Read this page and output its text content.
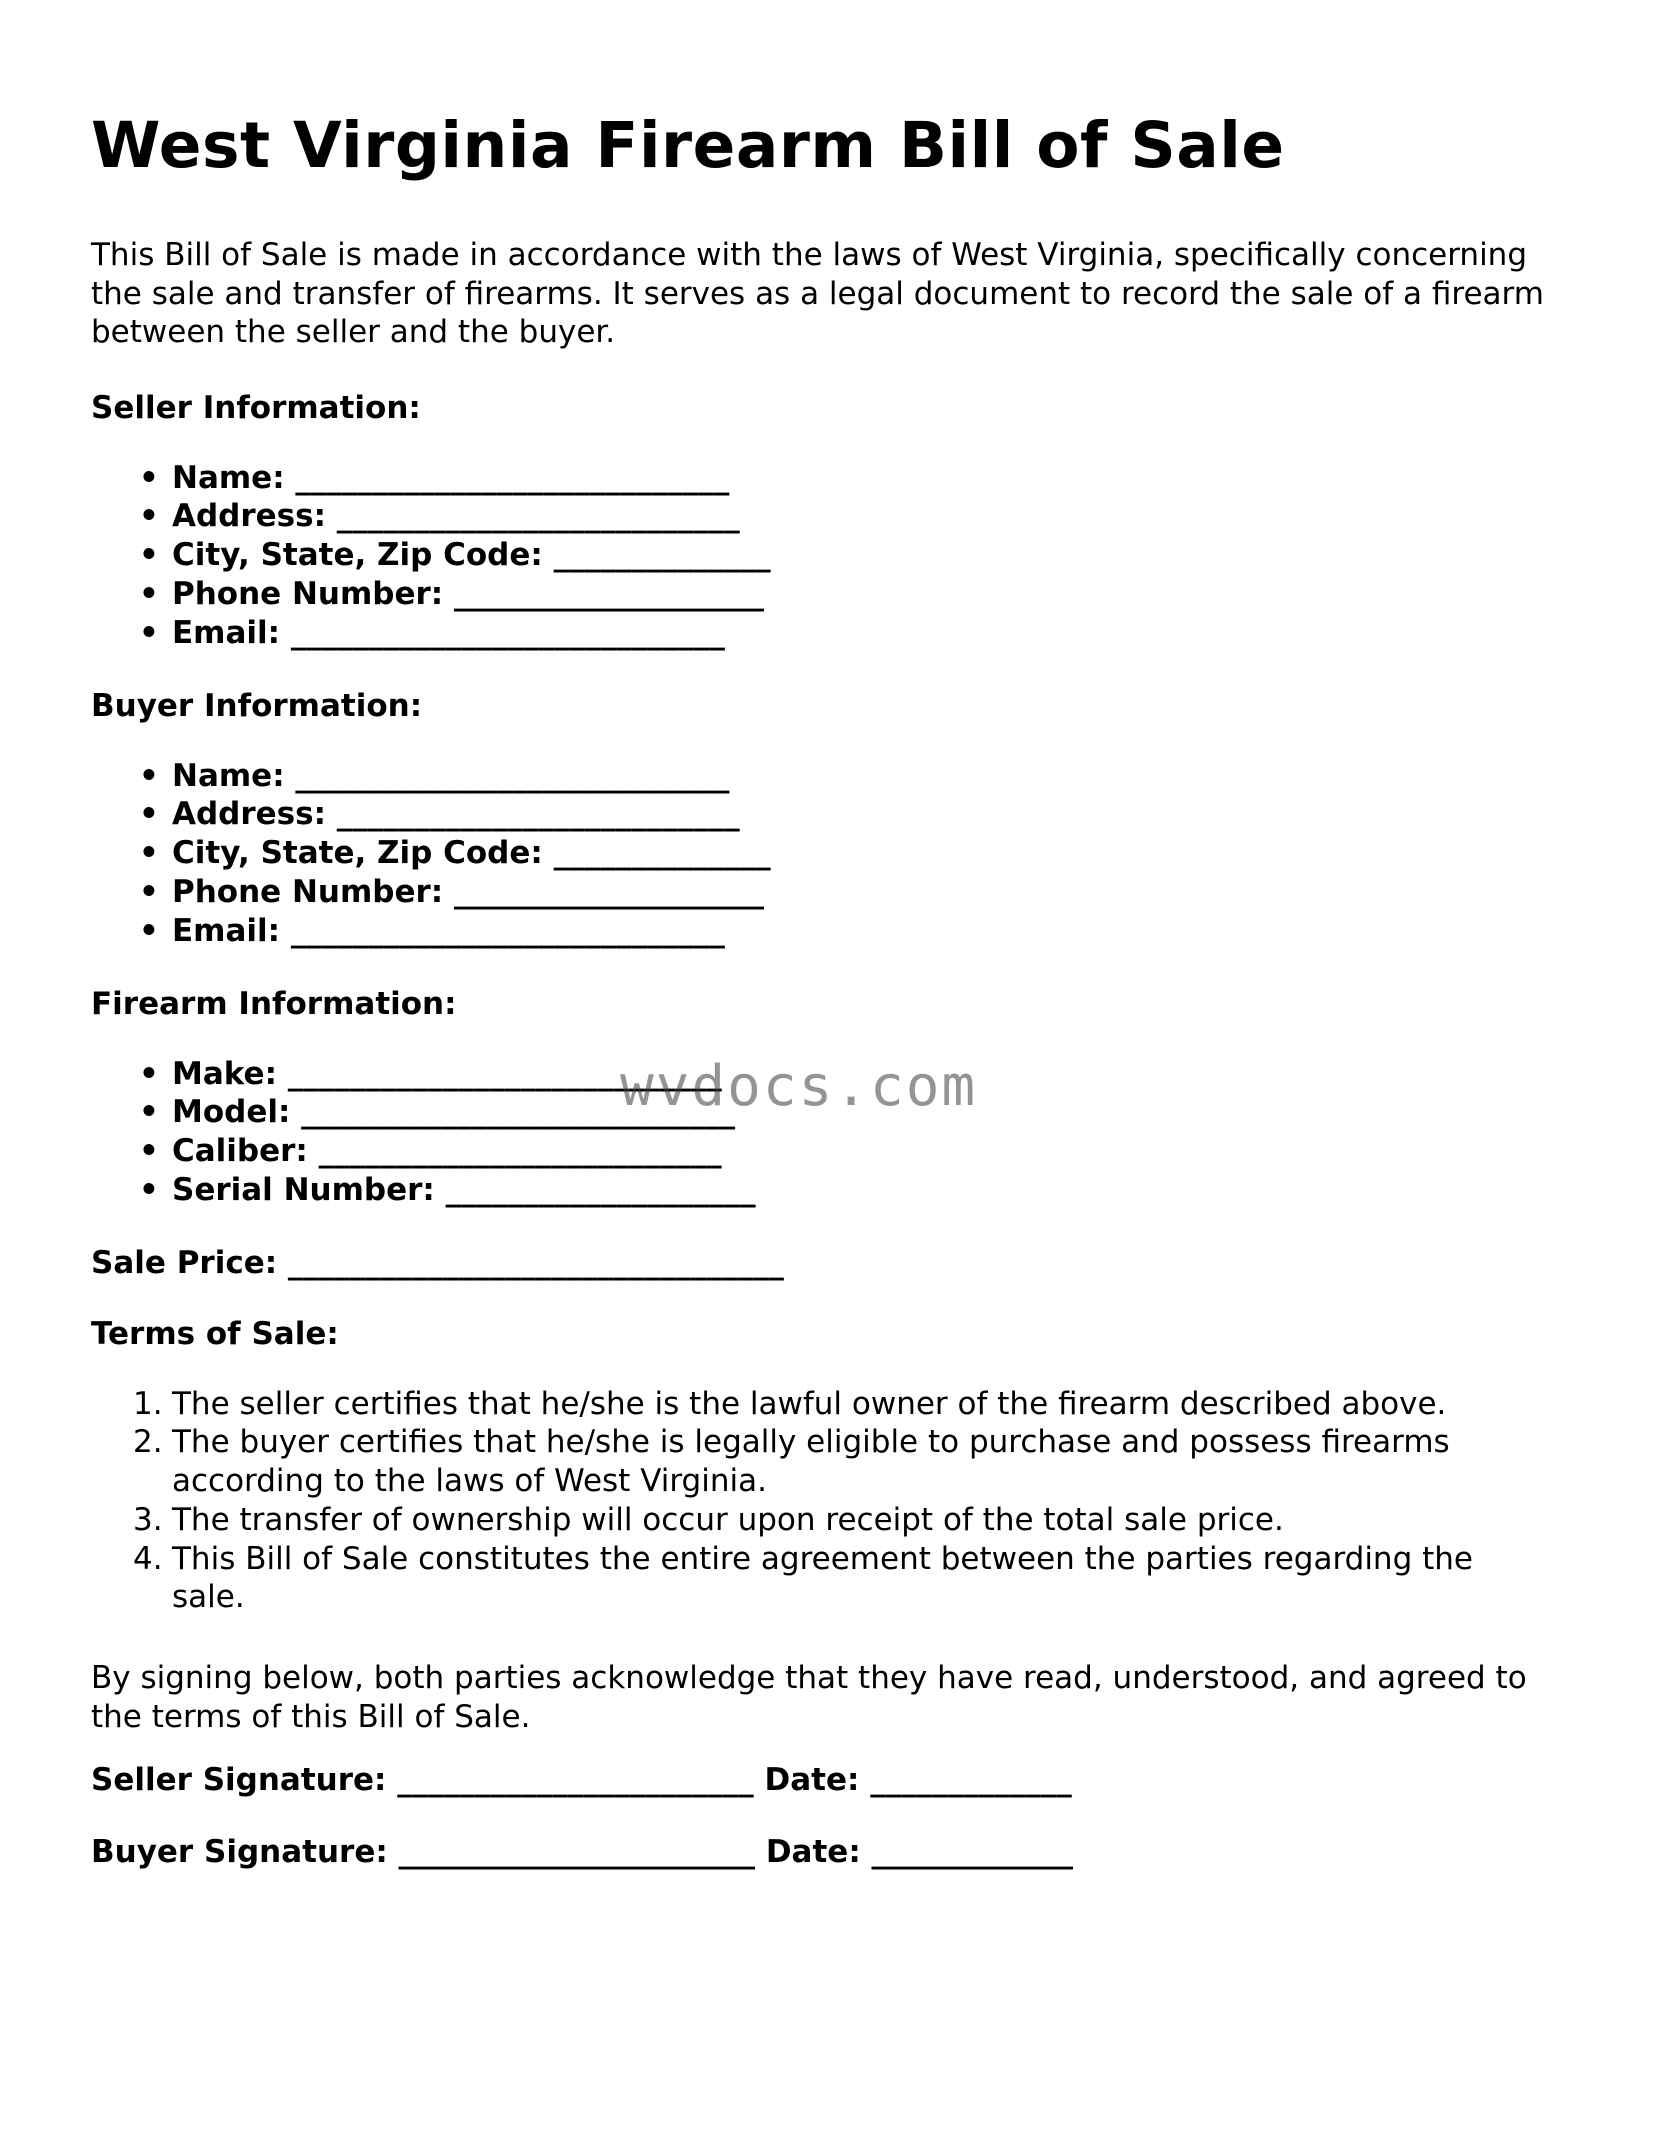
West Virginia Firearm Bill of Sale

This Bill of Sale is made in accordance with the laws of West Virginia, specifically concerning the sale and transfer of firearms. It serves as a legal document to record the sale of a firearm between the seller and the buyer.

Seller Information:

• Name: ____________________________
• Address: __________________________
• City, State, Zip Code: ______________
• Phone Number: ____________________
• Email: ____________________________

Buyer Information:

• Name: ____________________________
• Address: __________________________
• City, State, Zip Code: ______________
• Phone Number: ____________________
• Email: ____________________________

Firearm Information:

• Make: ____________________________
• Model: ____________________________
• Caliber: __________________________
• Serial Number: ____________________

Sale Price: ________________________________

Terms of Sale:

1. The seller certifies that he/she is the lawful owner of the firearm described above.
2. The buyer certifies that he/she is legally eligible to purchase and possess firearms according to the laws of West Virginia.
3. The transfer of ownership will occur upon receipt of the total sale price.
4. This Bill of Sale constitutes the entire agreement between the parties regarding the sale.

By signing below, both parties acknowledge that they have read, understood, and agreed to the terms of this Bill of Sale.

Seller Signature: _______________________ Date: _____________

Buyer Signature: _______________________ Date: _____________

wvdocs.com
